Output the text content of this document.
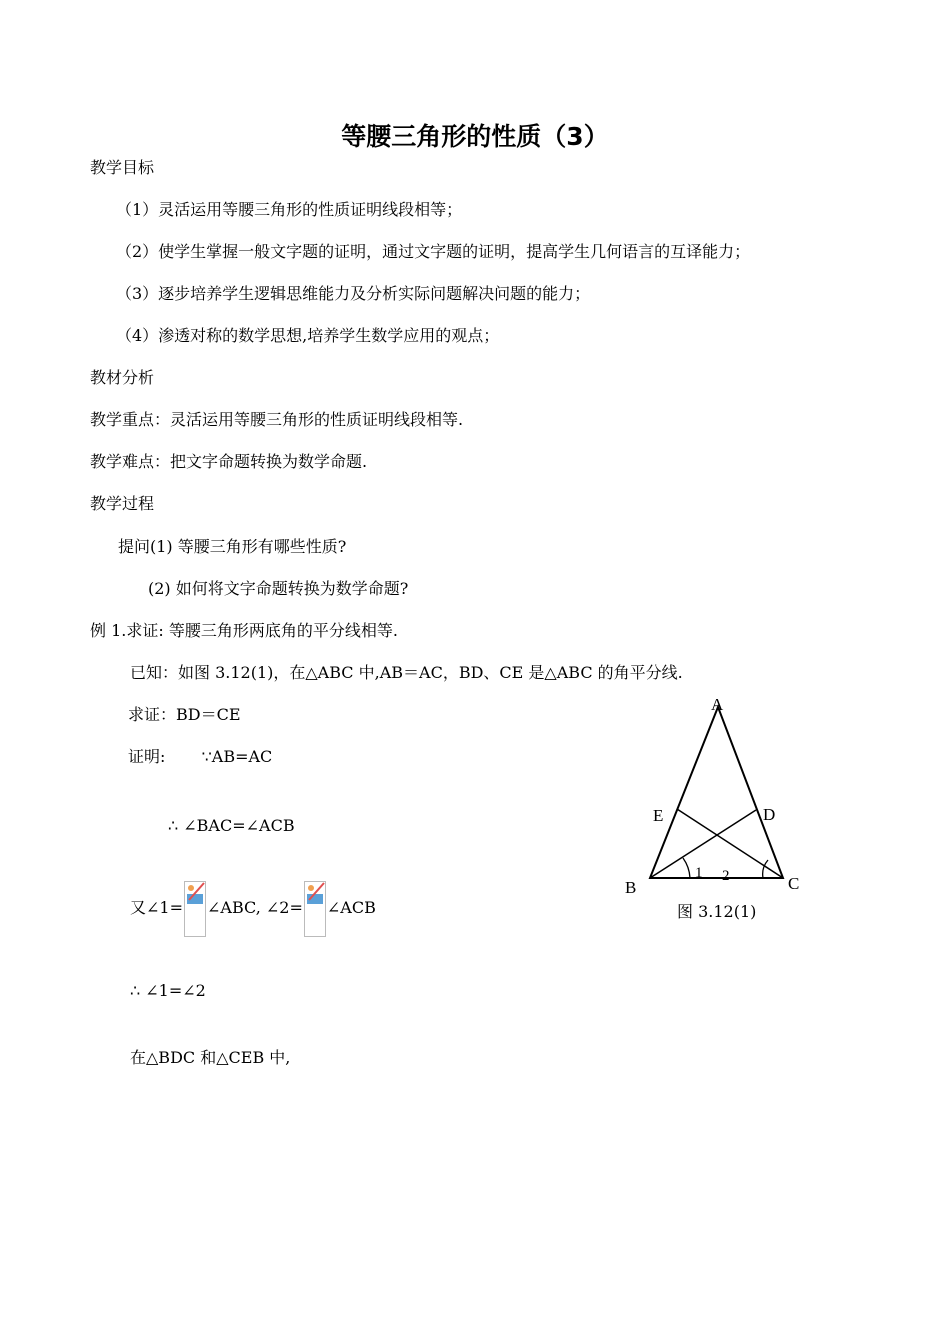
等腰三角形的性质（3）
教学目标
（1）灵活运用等腰三角形的性质证明线段相等；
（2）使学生掌握一般文字题的证明，通过文字题的证明，提高学生几何语言的互译能力；
（3）逐步培养学生逻辑思维能力及分析实际问题解决问题的能力；
（4）渗透对称的数学思想,培养学生数学应用的观点；
教材分析
教学重点：灵活运用等腰三角形的性质证明线段相等.
教学难点：把文字命题转换为数学命题.
教学过程
提问(1) 等腰三角形有哪些性质?
(2) 如何将文字命题转换为数学命题?
例 1.求证: 等腰三角形两底角的平分线相等.
已知：如图 3.12(1)，在△ABC 中,AB＝AC，BD、CE 是△ABC 的角平分线.
求证：BD＝CE
证明: ∵AB=AC
∴ ∠BAC=∠ACB
又∠1= ∠ABC, ∠2= ∠ACB
∴ ∠1=∠2
在△BDC 和△CEB 中,
A
B	C
D
E
1 2
图 3.12(1)
